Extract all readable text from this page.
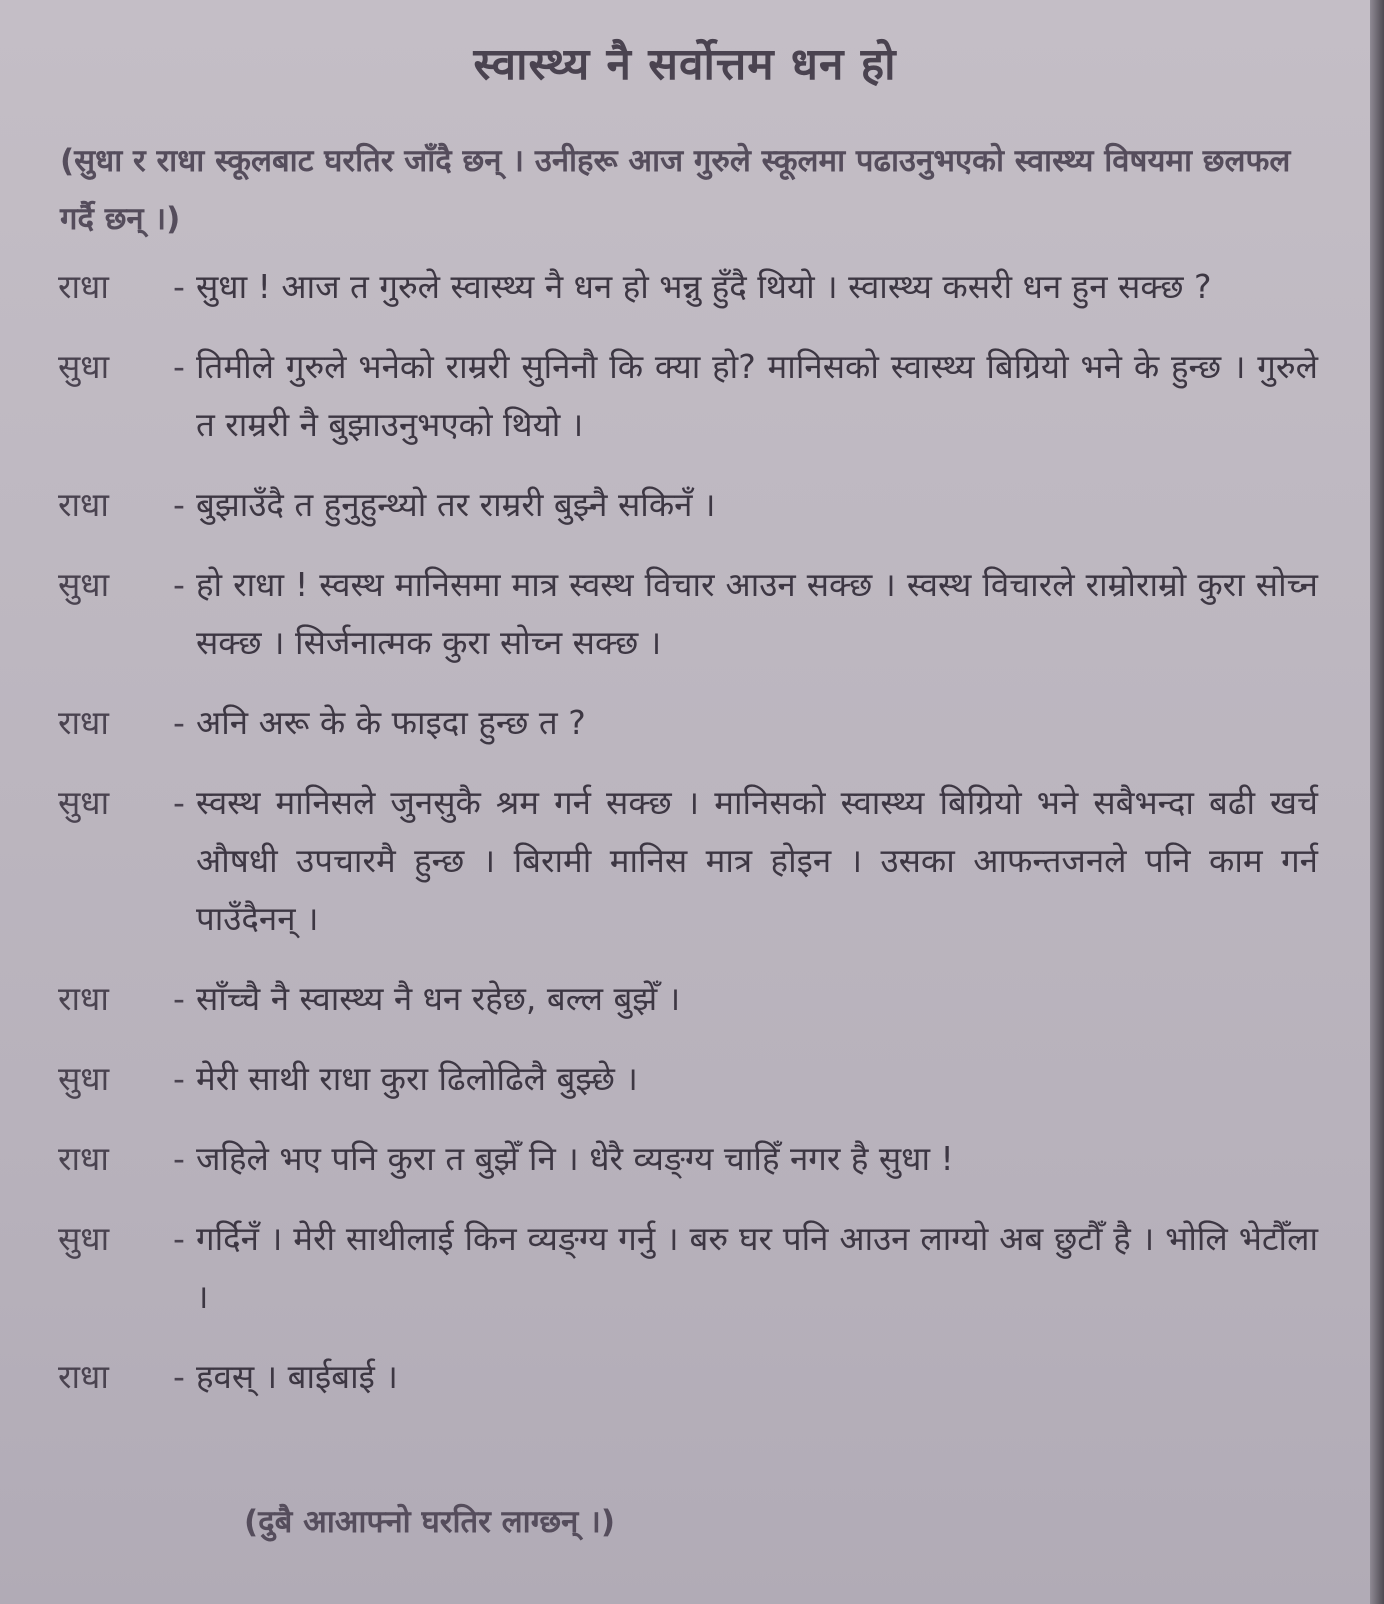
स्वास्थ्य नै सर्वोत्तम धन हो
(सुधा र राधा स्कूलबाट घरतिर जाँदै छन् । उनीहरू आज गुरुले स्कूलमा पढाउनुभएको स्वास्थ्य विषयमा छलफल गर्दै छन् ।)
राधा	- सुधा ! आज त गुरुले स्वास्थ्य नै धन हो भन्नु हुँदै थियो । स्वास्थ्य कसरी धन हुन सक्छ ?
सुधा	- तिमीले गुरुले भनेको राम्ररी सुनिनौ कि क्या हो? मानिसको स्वास्थ्य बिग्रियो भने के हुन्छ । गुरुले त राम्ररी नै बुझाउनुभएको थियो ।
राधा	- बुझाउँदै त हुनुहुन्थ्यो तर राम्ररी बुझ्नै सकिनँ ।
सुधा	- हो राधा ! स्वस्थ मानिसमा मात्र स्वस्थ विचार आउन सक्छ । स्वस्थ विचारले राम्रोराम्रो कुरा सोच्न सक्छ । सिर्जनात्मक कुरा सोच्न सक्छ ।
राधा	- अनि अरू के के फाइदा हुन्छ त ?
सुधा	- स्वस्थ मानिसले जुनसुकै श्रम गर्न सक्छ । मानिसको स्वास्थ्य बिग्रियो भने सबैभन्दा बढी खर्च औषधी उपचारमै हुन्छ । बिरामी मानिस मात्र होइन । उसका आफन्तजनले पनि काम गर्न पाउँदैनन् ।
राधा	- साँच्चै नै स्वास्थ्य नै धन रहेछ, बल्ल बुझेँ ।
सुधा	- मेरी साथी राधा कुरा ढिलोढिलै बुझ्छे ।
राधा	- जहिले भए पनि कुरा त बुझेँ नि । धेरै व्यङ्ग्य चाहिँ नगर है सुधा !
सुधा	- गर्दिनँ । मेरी साथीलाई किन व्यङ्ग्य गर्नु । बरु घर पनि आउन लाग्यो अब छुटौँ है । भोलि भेटौँला ।
राधा	- हवस् । बाईबाई ।
(दुबै आआफ्नो घरतिर लाग्छन् ।)
